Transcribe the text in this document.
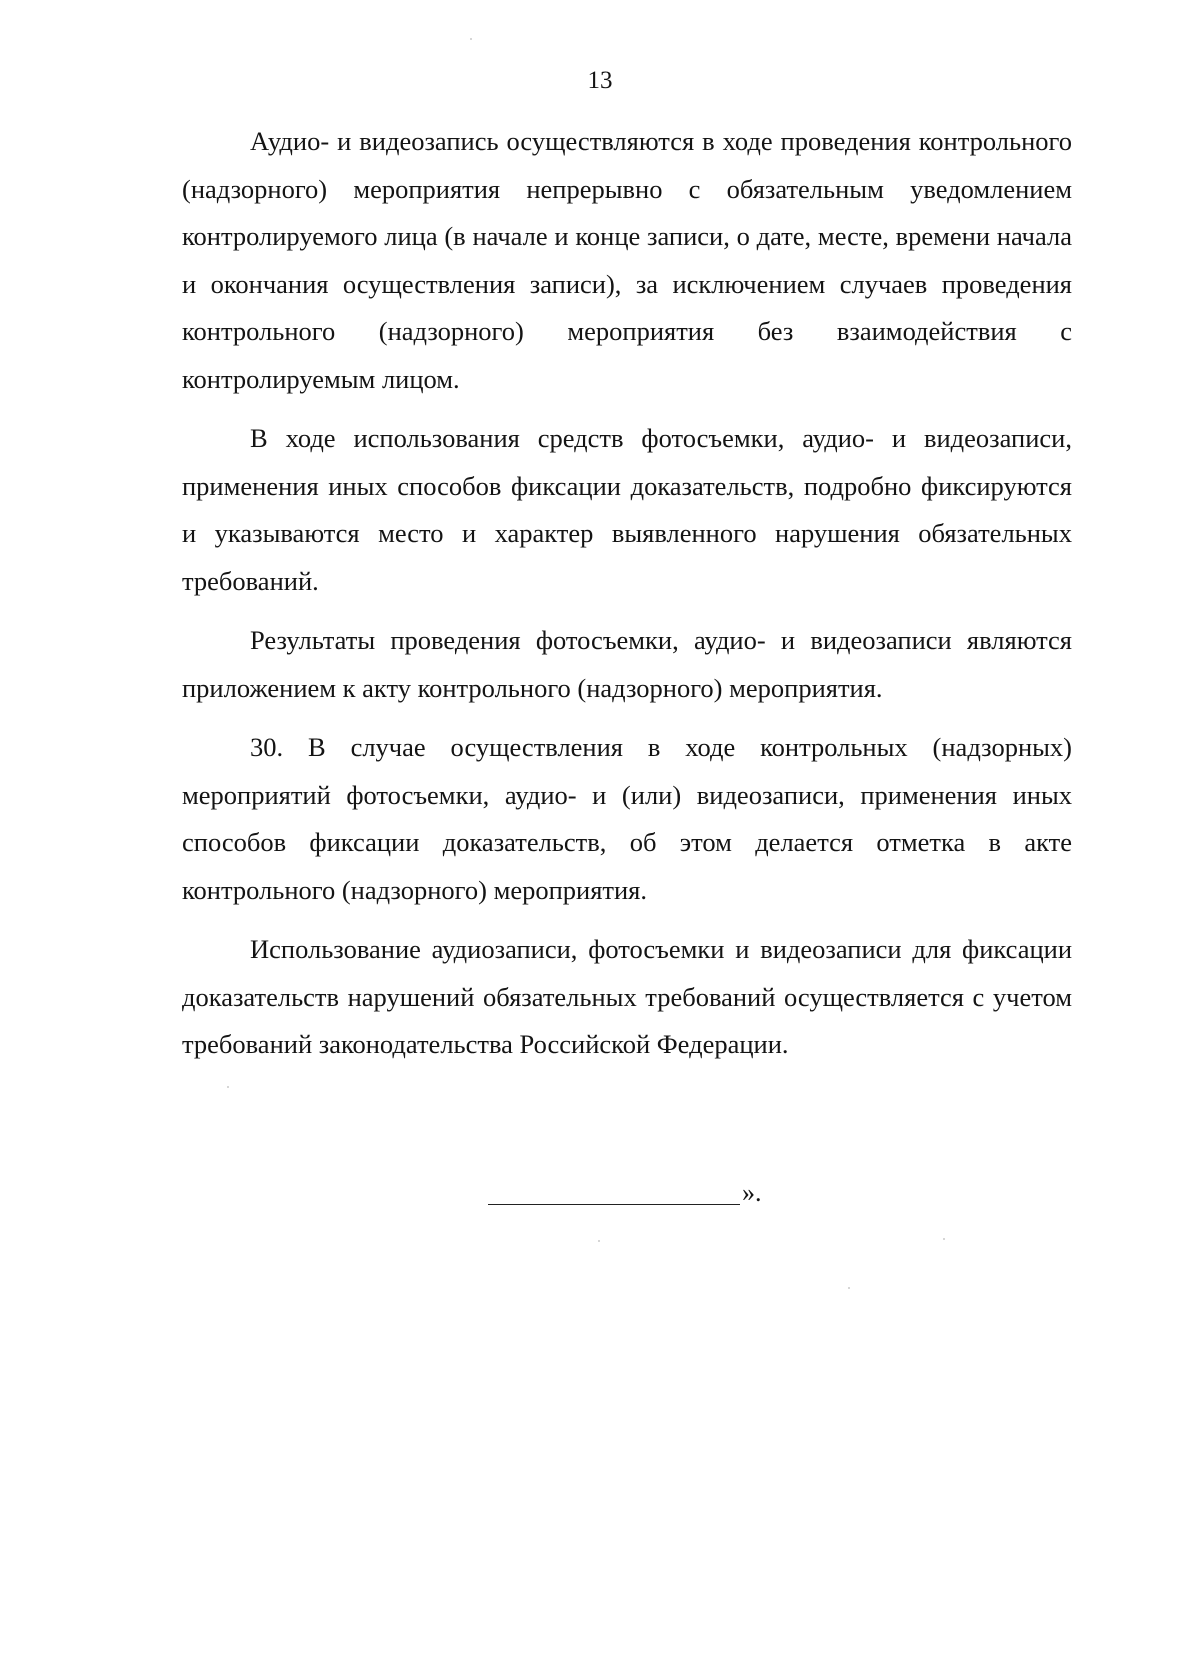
13

Аудио- и видеозапись осуществляются в ходе проведения контрольного (надзорного) мероприятия непрерывно с обязательным уведомлением контролируемого лица (в начале и конце записи, о дате, месте, времени начала и окончания осуществления записи), за исключением случаев проведения контрольного (надзорного) мероприятия без взаимодействия с контролируемым лицом.

В ходе использования средств фотосъемки, аудио- и видеозаписи, применения иных способов фиксации доказательств, подробно фиксируются и указываются место и характер выявленного нарушения обязательных требований.

Результаты проведения фотосъемки, аудио- и видеозаписи являются приложением к акту контрольного (надзорного) мероприятия.

30. В случае осуществления в ходе контрольных (надзорных) мероприятий фотосъемки, аудио- и (или) видеозаписи, применения иных способов фиксации доказательств, об этом делается отметка в акте контрольного (надзорного) мероприятия.

Использование аудиозаписи, фотосъемки и видеозаписи для фиксации доказательств нарушений обязательных требований осуществляется с учетом требований законодательства Российской Федерации.

».
